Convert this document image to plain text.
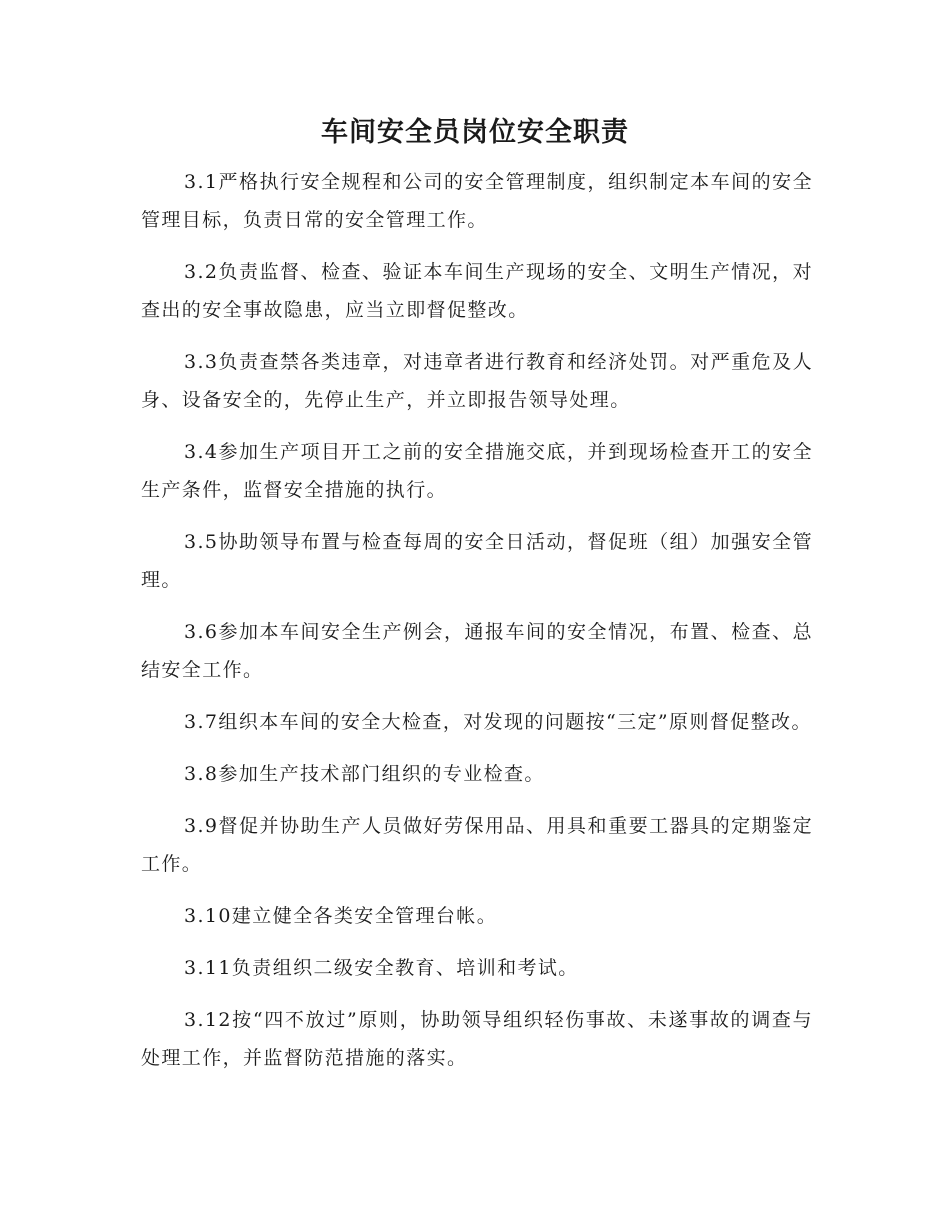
车间安全员岗位安全职责

3.1严格执行安全规程和公司的安全管理制度，组织制定本车间的安全管理目标，负责日常的安全管理工作。

3.2负责监督、检查、验证本车间生产现场的安全、文明生产情况，对查出的安全事故隐患，应当立即督促整改。

3.3负责查禁各类违章，对违章者进行教育和经济处罚。对严重危及人身、设备安全的，先停止生产，并立即报告领导处理。

3.4参加生产项目开工之前的安全措施交底，并到现场检查开工的安全生产条件，监督安全措施的执行。

3.5协助领导布置与检查每周的安全日活动，督促班（组）加强安全管理。

3.6参加本车间安全生产例会，通报车间的安全情况，布置、检查、总结安全工作。

3.7组织本车间的安全大检查，对发现的问题按“三定”原则督促整改。

3.8参加生产技术部门组织的专业检查。

3.9督促并协助生产人员做好劳保用品、用具和重要工器具的定期鉴定工作。

3.10建立健全各类安全管理台帐。

3.11负责组织二级安全教育、培训和考试。

3.12按“四不放过”原则，协助领导组织轻伤事故、未遂事故的调查与处理工作，并监督防范措施的落实。
